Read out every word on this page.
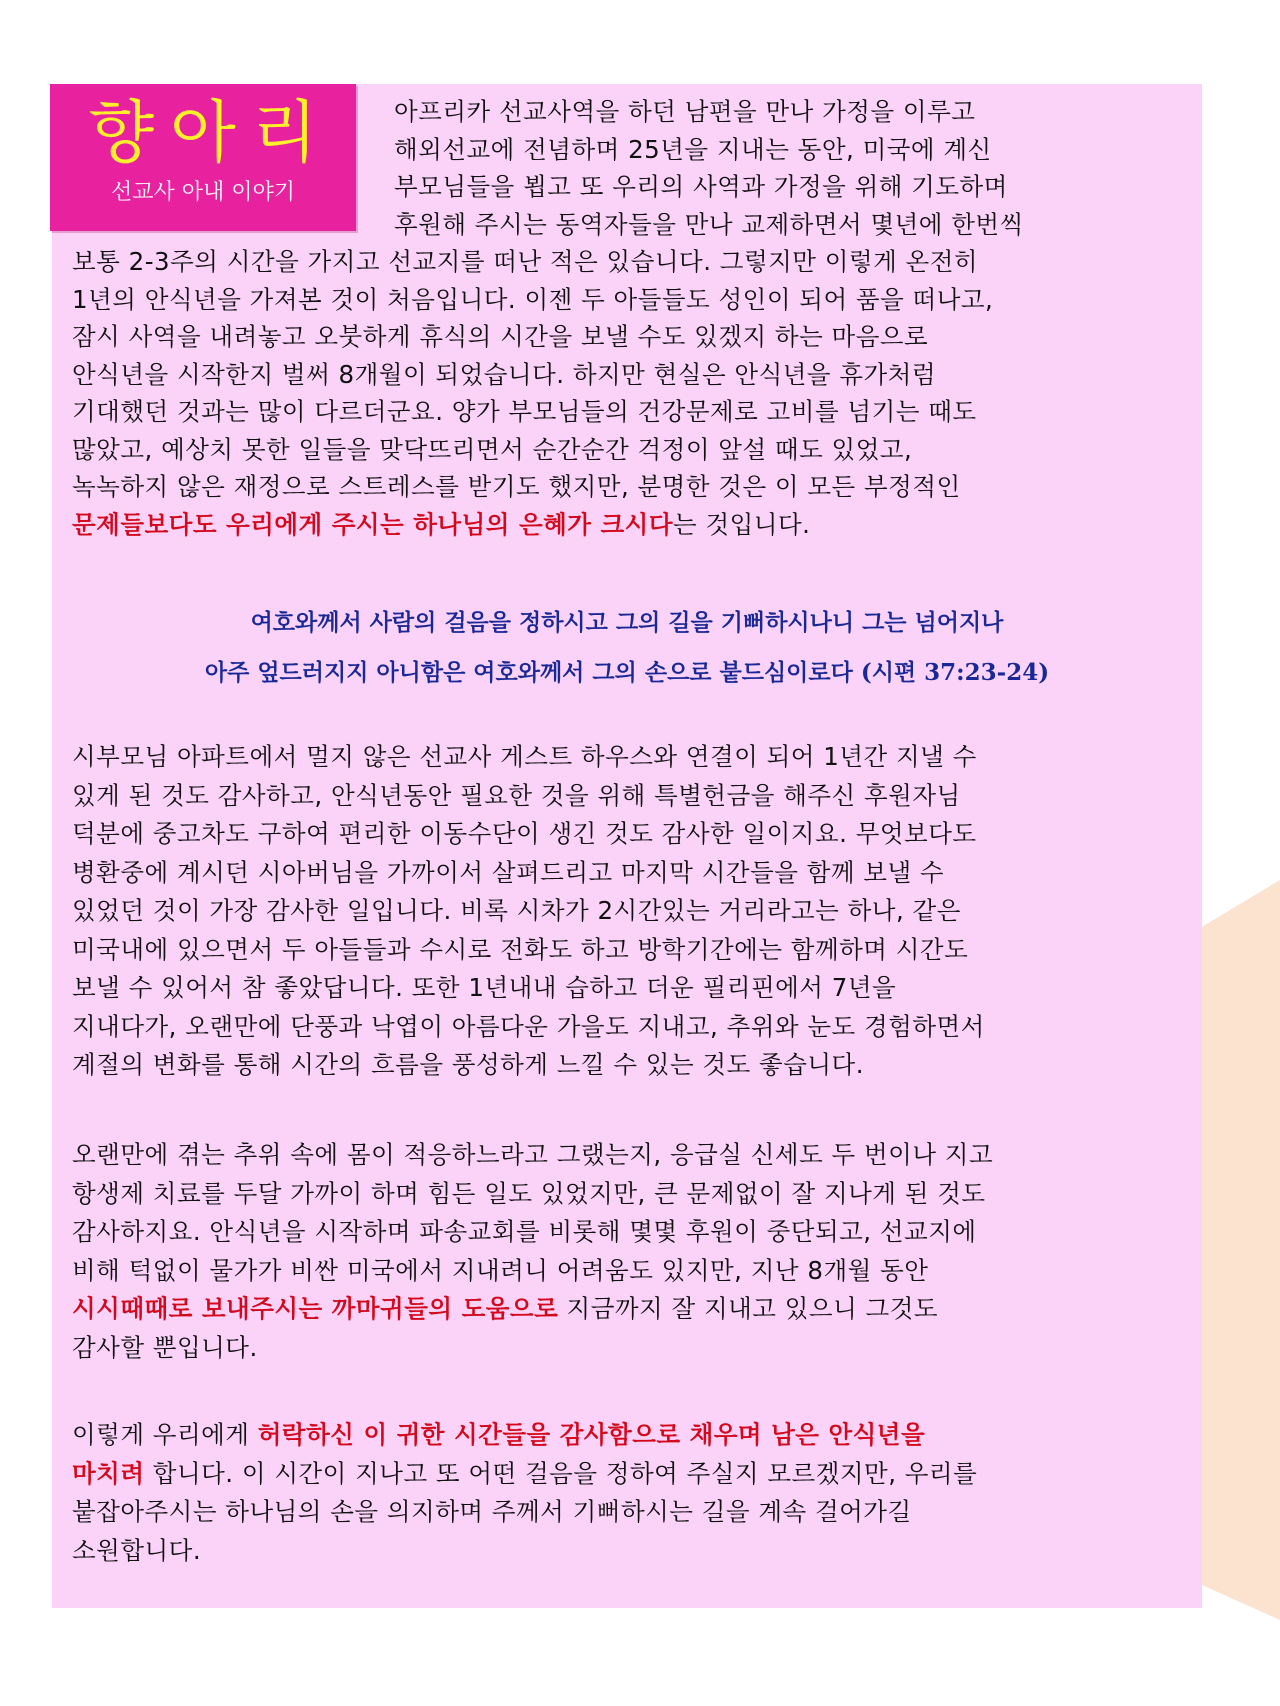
향아리
선교사 아내 이야기
아프리카 선교사역을 하던 남편을 만나 가정을 이루고
해외선교에 전념하며 25년을 지내는 동안, 미국에 계신
부모님들을 뵙고 또 우리의 사역과 가정을 위해 기도하며
후원해 주시는 동역자들을 만나 교제하면서 몇년에 한번씩
보통 2-3주의 시간을 가지고 선교지를 떠난 적은 있습니다. 그렇지만 이렇게 온전히
1년의 안식년을 가져본 것이 처음입니다. 이젠 두 아들들도 성인이 되어 품을 떠나고,
잠시 사역을 내려놓고 오붓하게 휴식의 시간을 보낼 수도 있겠지 하는 마음으로
안식년을 시작한지 벌써 8개월이 되었습니다. 하지만 현실은 안식년을 휴가처럼
기대했던 것과는 많이 다르더군요. 양가 부모님들의 건강문제로 고비를 넘기는 때도
많았고, 예상치 못한 일들을 맞닥뜨리면서 순간순간 걱정이 앞설 때도 있었고,
녹녹하지 않은 재정으로 스트레스를 받기도 했지만, 분명한 것은 이 모든 부정적인
문제들보다도 우리에게 주시는 하나님의 은혜가 크시다는 것입니다.
여호와께서 사람의 걸음을 정하시고 그의 길을 기뻐하시나니 그는 넘어지나
아주 엎드러지지 아니함은 여호와께서 그의 손으로 붙드심이로다 (시편 37:23-24)
시부모님 아파트에서 멀지 않은 선교사 게스트 하우스와 연결이 되어 1년간 지낼 수
있게 된 것도 감사하고, 안식년동안 필요한 것을 위해 특별헌금을 해주신 후원자님
덕분에 중고차도 구하여 편리한 이동수단이 생긴 것도 감사한 일이지요. 무엇보다도
병환중에 계시던 시아버님을 가까이서 살펴드리고 마지막 시간들을 함께 보낼 수
있었던 것이 가장 감사한 일입니다. 비록 시차가 2시간있는 거리라고는 하나, 같은
미국내에 있으면서 두 아들들과 수시로 전화도 하고 방학기간에는 함께하며 시간도
보낼 수 있어서 참 좋았답니다. 또한 1년내내 습하고 더운 필리핀에서 7년을
지내다가, 오랜만에 단풍과 낙엽이 아름다운 가을도 지내고, 추위와 눈도 경험하면서
계절의 변화를 통해 시간의 흐름을 풍성하게 느낄 수 있는 것도 좋습니다.
오랜만에 겪는 추위 속에 몸이 적응하느라고 그랬는지, 응급실 신세도 두 번이나 지고
항생제 치료를 두달 가까이 하며 힘든 일도 있었지만, 큰 문제없이 잘 지나게 된 것도
감사하지요. 안식년을 시작하며 파송교회를 비롯해 몇몇 후원이 중단되고, 선교지에
비해 턱없이 물가가 비싼 미국에서 지내려니 어려움도 있지만, 지난 8개월 동안
시시때때로 보내주시는 까마귀들의 도움으로 지금까지 잘 지내고 있으니 그것도
감사할 뿐입니다.
이렇게 우리에게 허락하신 이 귀한 시간들을 감사함으로 채우며 남은 안식년을
마치려 합니다. 이 시간이 지나고 또 어떤 걸음을 정하여 주실지 모르겠지만, 우리를
붙잡아주시는 하나님의 손을 의지하며 주께서 기뻐하시는 길을 계속 걸어가길
소원합니다.
